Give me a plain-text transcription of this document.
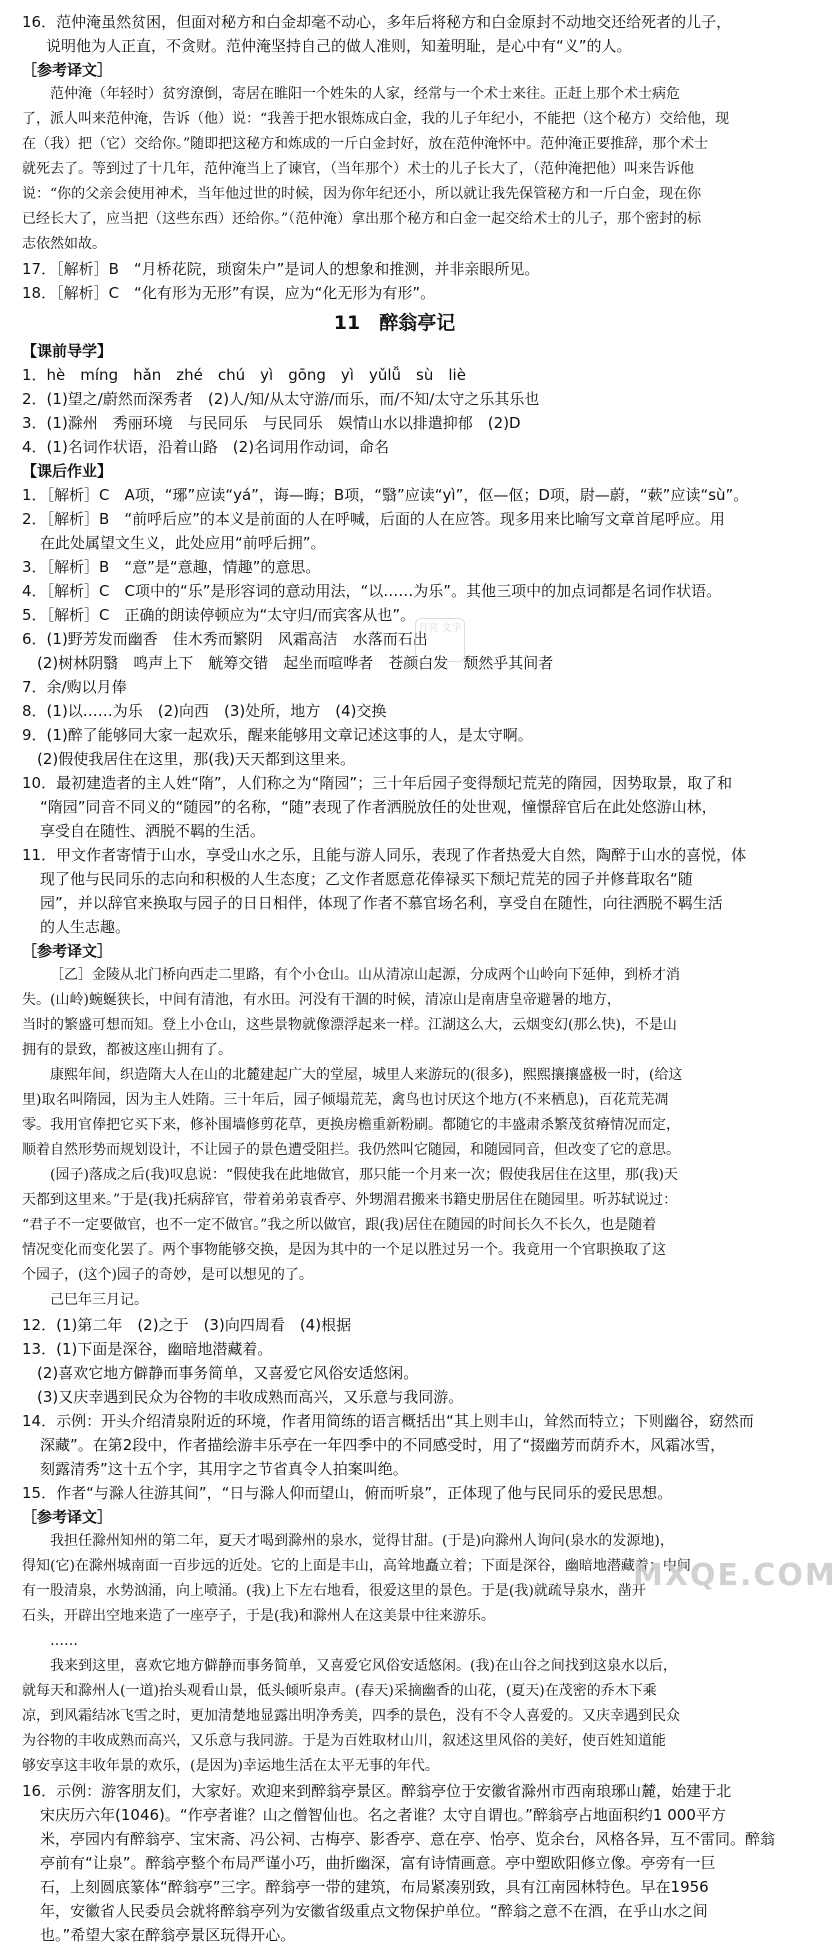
16．范仲淹虽然贫困，但面对秘方和白金却毫不动心，多年后将秘方和白金原封不动地交还给死者的儿子，
说明他为人正直，不贪财。范仲淹坚持自己的做人准则，知羞明耻，是心中有“义”的人。
［参考译文］
范仲淹（年轻时）贫穷潦倒，寄居在睢阳一个姓朱的人家，经常与一个术士来往。正赶上那个术士病危
了，派人叫来范仲淹，告诉（他）说：“我善于把水银炼成白金，我的儿子年纪小，不能把（这个秘方）交给他，现
在（我）把（它）交给你。”随即把这秘方和炼成的一斤白金封好，放在范仲淹怀中。范仲淹正要推辞，那个术士
就死去了。等到过了十几年，范仲淹当上了谏官，（当年那个）术士的儿子长大了，（范仲淹把他）叫来告诉他
说：“你的父亲会使用神术，当年他过世的时候，因为你年纪还小，所以就让我先保管秘方和一斤白金，现在你
已经长大了，应当把（这些东西）还给你。”（范仲淹）拿出那个秘方和白金一起交给术士的儿子，那个密封的标
志依然如故。
17．［解析］B　“月桥花院，琐窗朱户”是词人的想象和推测，并非亲眼所见。
18．［解析］C　“化有形为无形”有误，应为“化无形为有形”。
11　醉翁亭记
【课前导学】
1．hè　míng　hǎn　zhé　chú　yì　gōng　yì　yǔlǚ　sù　liè
2．(1)望之/蔚然而深秀者　(2)人/知/从太守游/而乐，而/不知/太守之乐其乐也
3．(1)滁州　秀丽环境　与民同乐　与民同乐　娱情山水以排遣抑郁　(2)D
4．(1)名词作状语，沿着山路　(2)名词用作动词，命名
【课后作业】
1．［解析］C　A项，“琊”应读“yá”，诲—晦；B项，“翳”应读“yì”，伛—伛；D项，尉—蔚，“蔌”应读“sù”。
2．［解析］B　“前呼后应”的本义是前面的人在呼喊，后面的人在应答。现多用来比喻写文章首尾呼应。用
在此处属望文生义，此处应用“前呼后拥”。
3．［解析］B　“意”是“意趣，情趣”的意思。
4．［解析］C　C项中的“乐”是形容词的意动用法，“以……为乐”。其他三项中的加点词都是名词作状语。
5．［解析］C　正确的朗读停顿应为“太守归/而宾客从也”。
6．(1)野芳发而幽香　佳木秀而繁阴　风霜高洁　水落而石出
　(2)树林阴翳　鸣声上下　觥筹交错　起坐而喧哗者　苍颜白发　颓然乎其间者
7．余/购以月俸
8．(1)以……为乐　(2)向西　(3)处所，地方　(4)交换
9．(1)醉了能够同大家一起欢乐，醒来能够用文章记述这事的人，是太守啊。
　(2)假使我居住在这里，那(我)天天都到这里来。
10．最初建造者的主人姓“隋”，人们称之为“隋园”；三十年后园子变得颓圮荒芜的隋园，因势取景，取了和
“隋园”同音不同义的“随园”的名称，“随”表现了作者洒脱放任的处世观，憧憬辞官后在此处悠游山林，
享受自在随性、洒脱不羁的生活。
11．甲文作者寄情于山水，享受山水之乐，且能与游人同乐，表现了作者热爱大自然，陶醉于山水的喜悦，体
现了他与民同乐的志向和积极的人生态度；乙文作者愿意花俸禄买下颓圮荒芜的园子并修葺取名“随
园”，并以辞官来换取与园子的日日相伴，体现了作者不慕官场名利，享受自在随性，向往洒脱不羁生活
的人生志趣。
［参考译文］
［乙］金陵从北门桥向西走二里路，有个小仓山。山从清凉山起源，分成两个山岭向下延伸，到桥才消
失。(山岭)蜿蜒狭长，中间有清池，有水田。河没有干涸的时候，清凉山是南唐皇帝避暑的地方，
当时的繁盛可想而知。登上小仓山，这些景物就像漂浮起来一样。江湖这么大，云烟变幻(那么快)，不是山
拥有的景致，都被这座山拥有了。
康熙年间，织造隋大人在山的北麓建起广大的堂屋，城里人来游玩的(很多)，熙熙攘攘盛极一时，(给这
里)取名叫隋园，因为主人姓隋。三十年后，园子倾塌荒芜，禽鸟也讨厌这个地方(不来栖息)，百花荒芜凋
零。我用官俸把它买下来，修补围墙修剪花草，更换房檐重新粉刷。都随它的丰盛肃杀繁茂贫瘠情况而定，
顺着自然形势而规划设计，不让园子的景色遭受阻拦。我仍然叫它随园，和随园同音，但改变了它的意思。
(园子)落成之后(我)叹息说：“假使我在此地做官，那只能一个月来一次；假使我居住在这里，那(我)天
天都到这里来。”于是(我)托病辞官，带着弟弟袁香亭、外甥湄君搬来书籍史册居住在随园里。听苏轼说过：
“君子不一定要做官，也不一定不做官。”我之所以做官，跟(我)居住在随园的时间长久不长久，也是随着
情况变化而变化罢了。两个事物能够交换，是因为其中的一个足以胜过另一个。我竟用一个官职换取了这
个园子，(这个)园子的奇妙，是可以想见的了。
己巳年三月记。
12．(1)第二年　(2)之于　(3)向四周看　(4)根据
13．(1)下面是深谷，幽暗地潜藏着。
　(2)喜欢它地方僻静而事务简单，又喜爱它风俗安适悠闲。
　(3)又庆幸遇到民众为谷物的丰收成熟而高兴，又乐意与我同游。
14．示例：开头介绍清泉附近的环境，作者用简练的语言概括出“其上则丰山，耸然而特立；下则幽谷，窈然而
深藏”。在第2段中，作者描绘游丰乐亭在一年四季中的不同感受时，用了“掇幽芳而荫乔木，风霜冰雪，
刻露清秀”这十五个字，其用字之节省真令人拍案叫绝。
15．作者“与滁人往游其间”，“日与滁人仰而望山，俯而听泉”，正体现了他与民同乐的爱民思想。
［参考译文］
我担任滁州知州的第二年，夏天才喝到滁州的泉水，觉得甘甜。(于是)向滁州人询问(泉水的发源地)，
得知(它)在滁州城南面一百步远的近处。它的上面是丰山，高耸地矗立着；下面是深谷，幽暗地潜藏着；中间
有一股清泉，水势汹涌，向上喷涌。(我)上下左右地看，很爱这里的景色。于是(我)就疏导泉水，凿开
石头，开辟出空地来造了一座亭子，于是(我)和滁州人在这美景中往来游乐。
……
我来到这里，喜欢它地方僻静而事务简单，又喜爱它风俗安适悠闲。(我)在山谷之间找到这泉水以后，
就每天和滁州人(一道)抬头观看山景，低头倾听泉声。(春天)采摘幽香的山花，(夏天)在茂密的乔木下乘
凉，到风霜结冰飞雪之时，更加清楚地显露出明净秀美，四季的景色，没有不令人喜爱的。又庆幸遇到民众
为谷物的丰收成熟而高兴，又乐意与我同游。于是为百姓取材山川，叙述这里风俗的美好，使百姓知道能
够安享这丰收年景的欢乐，(是因为)幸运地生活在太平无事的年代。
16．示例：游客朋友们，大家好。欢迎来到醉翁亭景区。醉翁亭位于安徽省滁州市西南琅琊山麓，始建于北
宋庆历六年(1046)。“作亭者谁？山之僧智仙也。名之者谁？太守自谓也。”醉翁亭占地面积约1 000平方
米，亭园内有醉翁亭、宝宋斋、冯公祠、古梅亭、影香亭、意在亭、怡亭、览余台，风格各异，互不雷同。醉翁
亭前有“让泉”。醉翁亭整个布局严谨小巧，曲折幽深，富有诗情画意。亭中塑欧阳修立像。亭旁有一巨
石，上刻圆底篆体“醉翁亭”三字。醉翁亭一带的建筑，布局紧凑别致，具有江南园林特色。早在1956
年，安徽省人民委员会就将醉翁亭列为安徽省级重点文物保护单位。“醉翁之意不在酒，在乎山水之间
也。”希望大家在醉翁亭景区玩得开心。
月亮 文字
MXQE.COM
